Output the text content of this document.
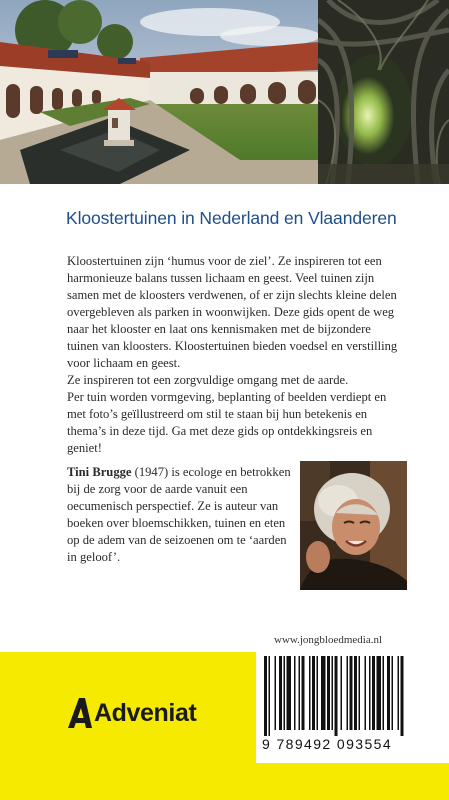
Kloostertuinen in Nederland en Vlaanderen

Kloostertuinen zijn ‘humus voor de ziel’. Ze inspireren tot een harmonieuze balans tussen lichaam en geest. Veel tuinen zijn samen met de kloosters verdwenen, of er zijn slechts kleine delen overgebleven als parken in woonwijken. Deze gids opent de weg naar het klooster en laat ons kennismaken met de bijzondere tuinen van kloosters. Kloostertuinen bieden voedsel en verstilling voor lichaam en geest.

Ze inspireren tot een zorgvuldige omgang met de aarde.

Per tuin worden vormgeving, beplanting of beelden verdiept en met foto’s geïllustreerd om stil te staan bij hun betekenis en thema’s in deze tijd. Ga met deze gids op ontdekkingsreis en geniet!

Tini Brugge (1947) is ecologe en betrokken bij de zorg voor de aarde vanuit een oecumenisch perspectief. Ze is auteur van boeken over bloemschikken, tuinen en eten op de adem van de seizoenen om te ‘aarden in geloof’.
Adveniat
www.jongbloedmedia.nl
9 789492 093554
